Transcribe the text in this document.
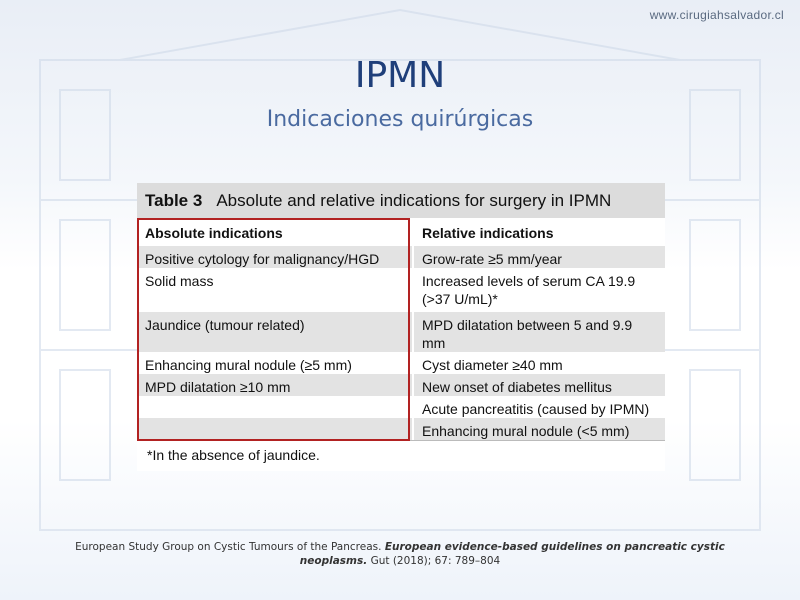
www.cirugiahsalvador.cl
IPMN
Indicaciones quirúrgicas
Table 3 Absolute and relative indications for surgery in IPMN
Absolute indications	Relative indications
Positive cytology for malignancy/HGD	Grow-rate ≥5 mm/year
Solid mass	Increased levels of serum CA 19.9 (>37 U/mL)*
Jaundice (tumour related)	MPD dilatation between 5 and 9.9 mm
Enhancing mural nodule (≥5 mm)	Cyst diameter ≥40 mm
MPD dilatation ≥10 mm	New onset of diabetes mellitus
	Acute pancreatitis (caused by IPMN)
	Enhancing mural nodule (<5 mm)
*In the absence of jaundice.
European Study Group on Cystic Tumours of the Pancreas. European evidence-based guidelines on pancreatic cystic neoplasms. Gut (2018); 67: 789–804
